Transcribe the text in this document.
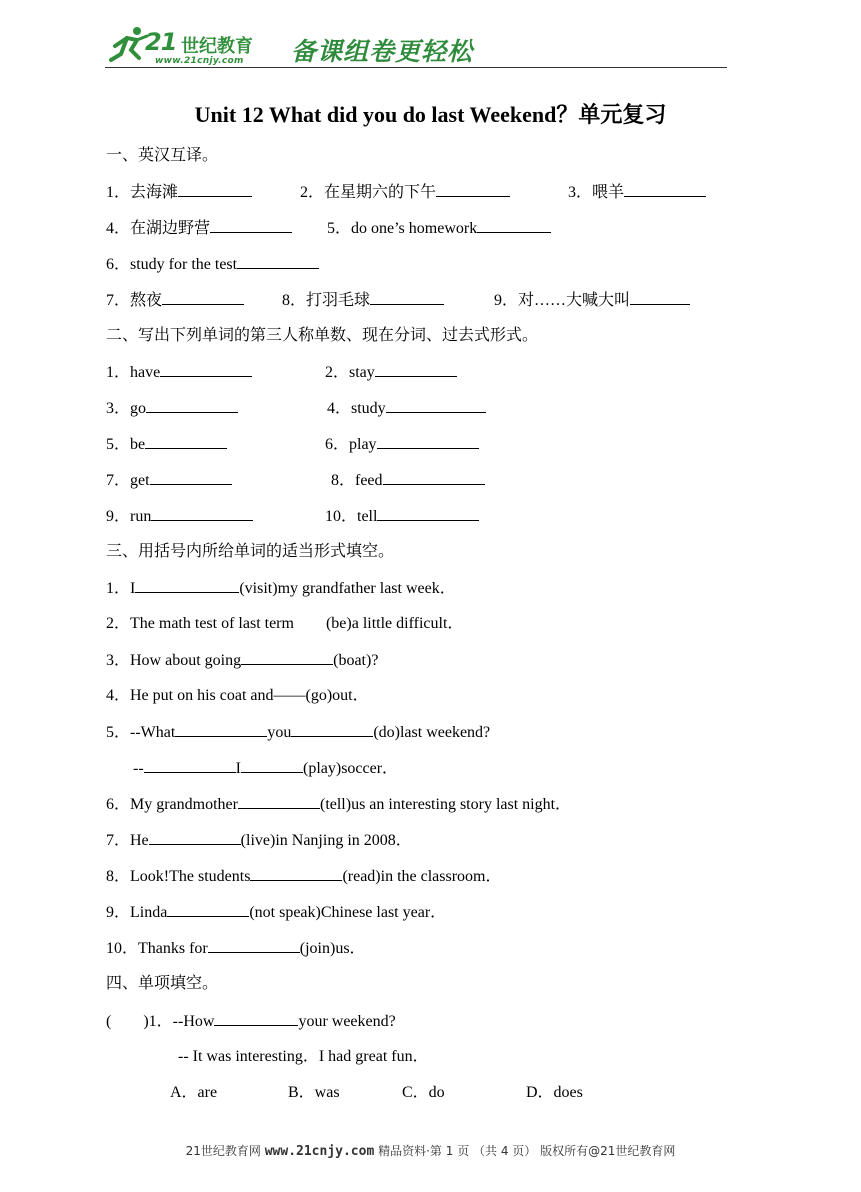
21 世纪教育
www.21cnjy.com 备课组卷更轻松
Unit 12 What did you do last Weekend？单元复习
一、英汉互译。
1．去海滩	2．在星期六的下午	3．喂羊
4．在湖边野营	5．do one’s homework
6．study for the test
7．熬夜	8．打羽毛球	9．对……大喊大叫
二、写出下列单词的第三人称单数、现在分词、过去式形式。
1．have	2．stay
3．go	4．study
5．be	6．play
7．get	8．feed
9．run	10．tell
三、用括号内所给单词的适当形式填空。
1．I	(visit)my grandfather last week．
2．The math test of last term　　(be)a little difficult．
3．How about going	(boat)?
4．He put on his coat and——(go)out．
5．--What	you	(do)last weekend?
--	I	(play)soccer．
6．My grandmother	(tell)us an interesting story last night．
7．He	(live)in Nanjing in 2008．
8．Look!The students	(read)in the classroom．
9．Linda	(not speak)Chinese last year．
10．Thanks for	(join)us．
四、单项填空。
(　　)1．--How	your weekend?
-- It was interesting．I had great fun．
A．are	B．was	C．do	D．does
21世纪教育网 www.21cnjy.com 精品资料·第 1 页 （共 4 页） 版权所有@21世纪教育网
